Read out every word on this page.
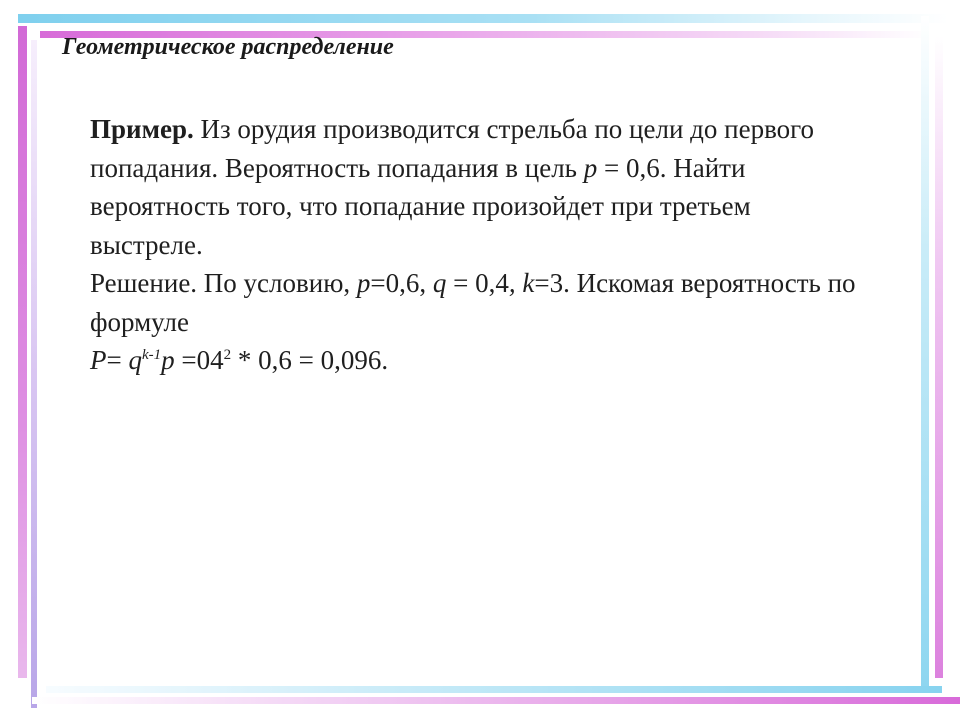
Геометрическое распределение

Пример. Из орудия производится стрельба по цели до первого попадания. Вероятность попадания в цель p = 0,6. Найти вероятность того, что попадание произойдет при третьем выстреле.

Решение. По условию, p=0,6, q = 0,4, k=3. Искомая вероятность по формуле

$P= q^{k-1}p =04^2 * 0,6 = 0,096$.
